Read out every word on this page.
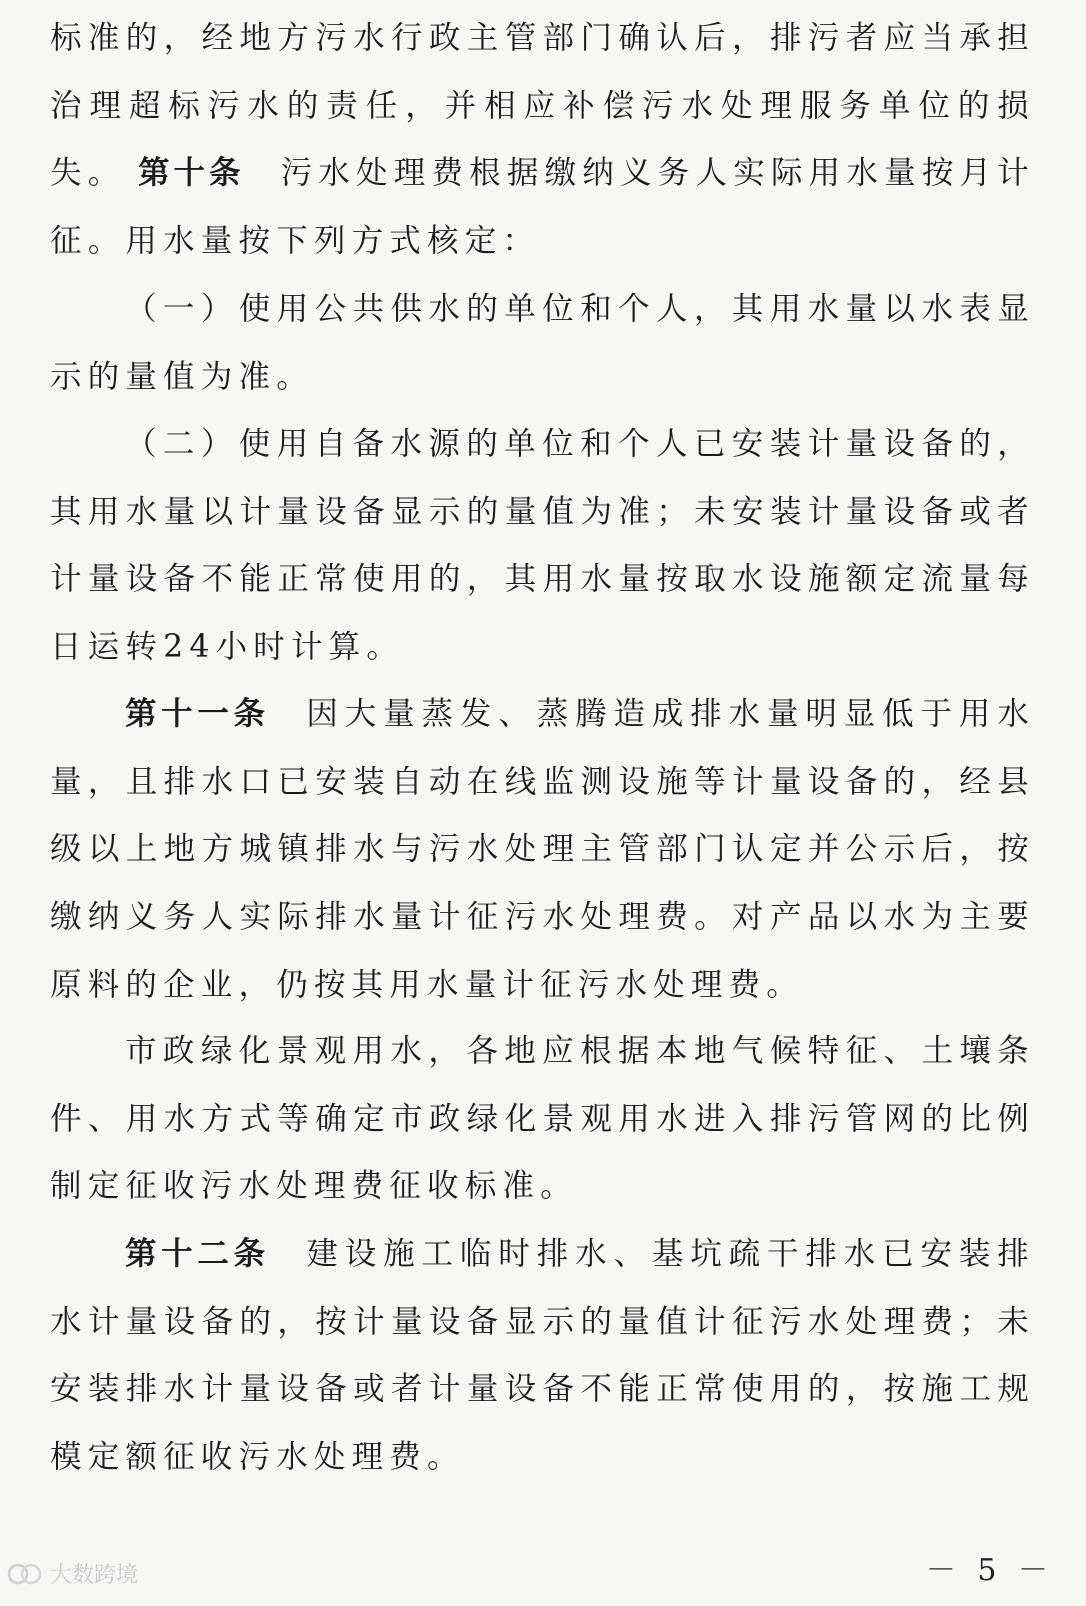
标准的，经地方污水行政主管部门确认后，排污者应当承担治理超标污水的责任，并相应补偿污水处理服务单位的损失。 第十条  污水处理费根据缴纳义务人实际用水量按月计征。用水量按下列方式核定：

（一）使用公共供水的单位和个人，其用水量以水表显示的量值为准。

（二）使用自备水源的单位和个人已安装计量设备的，其用水量以计量设备显示的量值为准；未安装计量设备或者计量设备不能正常使用的，其用水量按取水设施额定流量每日运转24小时计算。

第十一条  因大量蒸发、蒸腾造成排水量明显低于用水量，且排水口已安装自动在线监测设施等计量设备的，经县级以上地方城镇排水与污水处理主管部门认定并公示后，按缴纳义务人实际排水量计征污水处理费。对产品以水为主要原料的企业，仍按其用水量计征污水处理费。

市政绿化景观用水，各地应根据本地气候特征、土壤条件、用水方式等确定市政绿化景观用水进入排污管网的比例制定征收污水处理费征收标准。

第十二条  建设施工临时排水、基坑疏干排水已安装排水计量设备的，按计量设备显示的量值计征污水处理费；未安装排水计量设备或者计量设备不能正常使用的，按施工规模定额征收污水处理费。

大数跨境	－ 5 －
